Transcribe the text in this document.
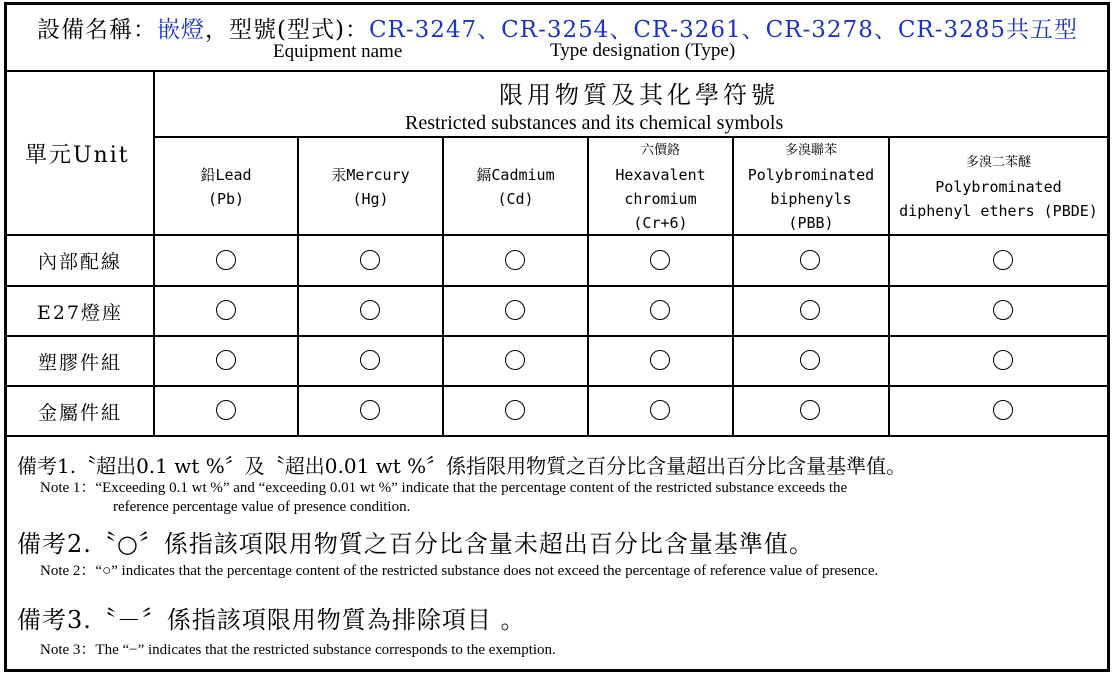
設備名稱：嵌燈，型號(型式)：CR-3247、CR-3254、CR-3261、CR-3278、CR-3285共五型
Equipment name	Type designation (Type)
單元Unit
限用物質及其化學符號
Restricted substances and its chemical symbols
鉛Lead
(Pb)
汞Mercury
(Hg)
鎘Cadmium
(Cd)
六價鉻
Hexavalent
chromium
(Cr+6)
多溴聯苯
Polybrominated
biphenyls
(PBB)
多溴二苯醚
Polybrominated
diphenyl ethers (PBDE)
內部配線
E27燈座
塑膠件組
金屬件組
備考1.〝超出0.1 wt %〞及〝超出0.01 wt %〞係指限用物質之百分比含量超出百分比含量基準值。
Note 1：“Exceeding 0.1 wt %” and “exceeding 0.01 wt %” indicate that the percentage content of the restricted substance exceeds the
reference percentage value of presence condition.
備考2.〝○〞係指該項限用物質之百分比含量未超出百分比含量基準值。
Note 2：“○” indicates that the percentage content of the restricted substance does not exceed the percentage of reference value of presence.
備考3.〝－〞係指該項限用物質為排除項目 。
Note 3：The “−” indicates that the restricted substance corresponds to the exemption.
